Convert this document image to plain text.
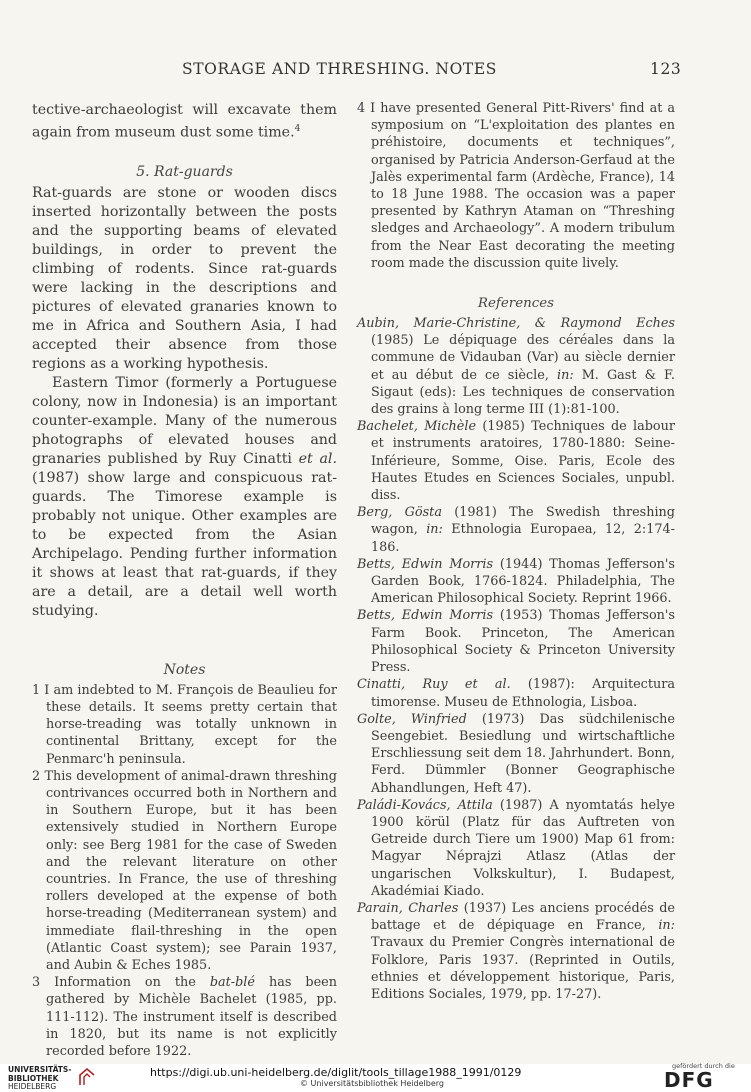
STORAGE AND THRESHING. NOTES	123

tective-archaeologist will excavate them again from museum dust some time.$^4$

5. Rat-guards

Rat-guards are stone or wooden discs inserted horizontally between the posts and the supporting beams of elevated buildings, in order to prevent the climbing of rodents. Since rat-guards were lacking in the descriptions and pictures of elevated granaries known to me in Africa and Southern Asia, I had accepted their absence from those regions as a working hypothesis.

Eastern Timor (formerly a Portuguese colony, now in Indonesia) is an important counter-example. Many of the numerous photographs of elevated houses and granaries published by Ruy Cinatti et al. (1987) show large and conspicuous rat-guards. The Timorese example is probably not unique. Other examples are to be expected from the Asian Archipelago. Pending further information it shows at least that rat-guards, if they are a detail, are a detail well worth studying.

Notes

1 I am indebted to M. François de Beaulieu for these details. It seems pretty certain that horse-treading was totally unknown in continental Brittany, except for the Penmarc'h peninsula.

2 This development of animal-drawn threshing contrivances occurred both in Northern and in Southern Europe, but it has been extensively studied in Northern Europe only: see Berg 1981 for the case of Sweden and the relevant literature on other countries. In France, the use of threshing rollers developed at the expense of both horse-treading (Mediterranean system) and immediate flail-threshing in the open (Atlantic Coast system); see Parain 1937, and Aubin & Eches 1985.

3 Information on the bat-blé has been gathered by Michèle Bachelet (1985, pp. 111-112). The instrument itself is described in 1820, but its name is not explicitly recorded before 1922.

4 I have presented General Pitt-Rivers' find at a symposium on “L'exploitation des plantes en préhistoire, documents et techniques”, organised by Patricia Anderson-Gerfaud at the Jalès experimental farm (Ardèche, France), 14 to 18 June 1988. The occasion was a paper presented by Kathryn Ataman on “Threshing sledges and Archaeology”. A modern tribulum from the Near East decorating the meeting room made the discussion quite lively.

References

Aubin, Marie-Christine, & Raymond Eches (1985) Le dépiquage des céréales dans la commune de Vidauban (Var) au siècle dernier et au début de ce siècle, in: M. Gast & F. Sigaut (eds): Les techniques de conservation des grains à long terme III (1):81-100.

Bachelet, Michèle (1985) Techniques de labour et instruments aratoires, 1780-1880: Seine-Inférieure, Somme, Oise. Paris, Ecole des Hautes Etudes en Sciences Sociales, unpubl. diss.

Berg, Gösta (1981) The Swedish threshing wagon, in: Ethnologia Europaea, 12, 2:174-186.

Betts, Edwin Morris (1944) Thomas Jefferson's Garden Book, 1766-1824. Philadelphia, The American Philosophical Society. Reprint 1966.

Betts, Edwin Morris (1953) Thomas Jefferson's Farm Book. Princeton, The American Philosophical Society & Princeton University Press.

Cinatti, Ruy et al. (1987): Arquitectura timorense. Museu de Ethnologia, Lisboa.

Golte, Winfried (1973) Das südchilenische Seengebiet. Besiedlung und wirtschaftliche Erschliessung seit dem 18. Jahrhundert. Bonn, Ferd. Dümmler (Bonner Geographische Abhandlungen, Heft 47).

Paládi-Kovács, Attila (1987) A nyomtatás helye 1900 körül (Platz für das Auftreten von Getreide durch Tiere um 1900) Map 61 from: Magyar Néprajzi Atlasz (Atlas der ungarischen Volkskultur), I. Budapest, Akadémiai Kiado.

Parain, Charles (1937) Les anciens procédés de battage et de dépiquage en France, in: Travaux du Premier Congrès international de Folklore, Paris 1937. (Reprinted in Outils, ethnies et développement historique, Paris, Editions Sociales, 1979, pp. 17-27).

UNIVERSITÄTS-
BIBLIOTHEK
HEIDELBERG
https://digi.ub.uni-heidelberg.de/diglit/tools_tillage1988_1991/0129
© Universitätsbibliothek Heidelberg
gefördert durch die
DFG
